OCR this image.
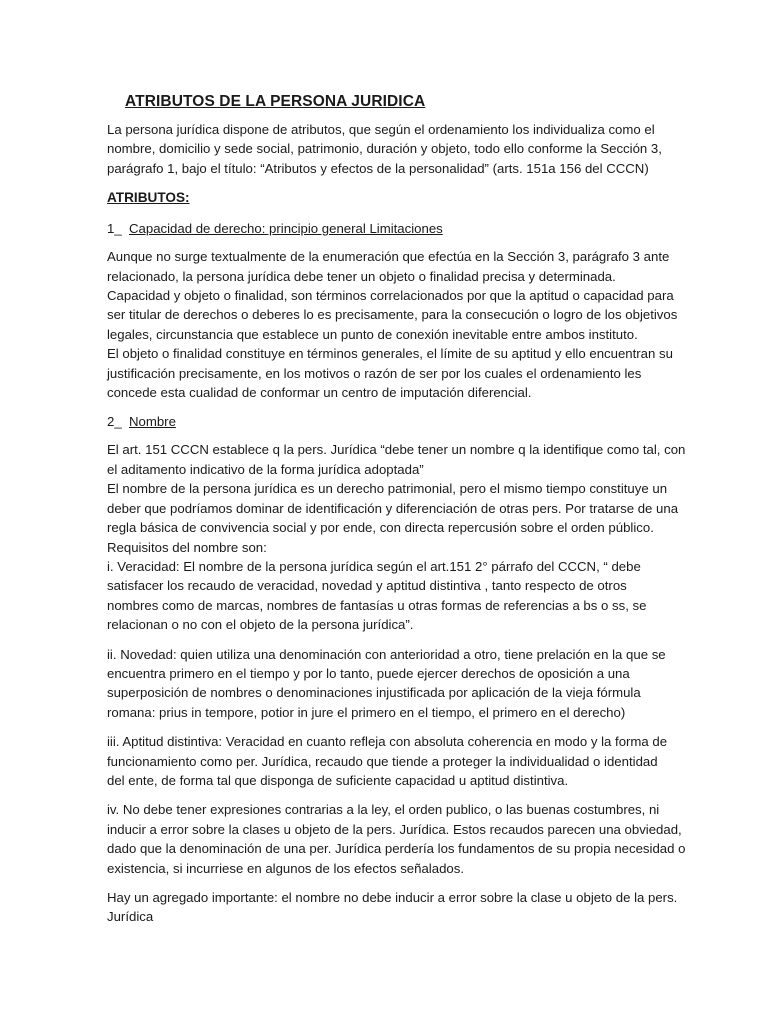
ATRIBUTOS DE LA PERSONA JURIDICA

La persona jurídica dispone de atributos, que según el ordenamiento los individualiza como el
nombre, domicilio y sede social, patrimonio, duración y objeto, todo ello conforme la Sección 3,
parágrafo 1, bajo el título: “Atributos y efectos de la personalidad” (arts. 151a 156 del CCCN)

ATRIBUTOS:
1_ Capacidad de derecho: principio general Limitaciones

Aunque no surge textualmente de la enumeración que efectúa en la Sección 3, parágrafo 3 ante
relacionado, la persona jurídica debe tener un objeto o finalidad precisa y determinada.
Capacidad y objeto o finalidad, son términos correlacionados por que la aptitud o capacidad para
ser titular de derechos o deberes lo es precisamente, para la consecución o logro de los objetivos
legales, circunstancia que establece un punto de conexión inevitable entre ambos instituto.
El objeto o finalidad constituye en términos generales, el límite de su aptitud y ello encuentran su
justificación precisamente, en los motivos o razón de ser por los cuales el ordenamiento les
concede esta cualidad de conformar un centro de imputación diferencial.

2_ Nombre

El art. 151 CCCN establece q la pers. Jurídica “debe tener un nombre q la identifique como tal, con
el aditamento indicativo de la forma jurídica adoptada”
El nombre de la persona jurídica es un derecho patrimonial, pero el mismo tiempo constituye un
deber que podríamos dominar de identificación y diferenciación de otras pers. Por tratarse de una
regla básica de convivencia social y por ende, con directa repercusión sobre el orden público.
Requisitos del nombre son:
i. Veracidad: El nombre de la persona jurídica según el art.151 2° párrafo del CCCN, “ debe
satisfacer los recaudo de veracidad, novedad y aptitud distintiva , tanto respecto de otros
nombres como de marcas, nombres de fantasías u otras formas de referencias a bs o ss, se
relacionan o no con el objeto de la persona jurídica”.

ii. Novedad: quien utiliza una denominación con anterioridad a otro, tiene prelación en la que se
encuentra primero en el tiempo y por lo tanto, puede ejercer derechos de oposición a una
superposición de nombres o denominaciones injustificada por aplicación de la vieja fórmula
romana: prius in tempore, potior in jure el primero en el tiempo, el primero en el derecho)

iii. Aptitud distintiva: Veracidad en cuanto refleja con absoluta coherencia en modo y la forma de
funcionamiento como per. Jurídica, recaudo que tiende a proteger la individualidad o identidad
del ente, de forma tal que disponga de suficiente capacidad u aptitud distintiva.

iv. No debe tener expresiones contrarias a la ley, el orden publico, o las buenas costumbres, ni
inducir a error sobre la clases u objeto de la pers. Jurídica. Estos recaudos parecen una obviedad,
dado que la denominación de una per. Jurídica perdería los fundamentos de su propia necesidad o
existencia, si incurriese en algunos de los efectos señalados.

Hay un agregado importante: el nombre no debe inducir a error sobre la clase u objeto de la pers.
Jurídica
